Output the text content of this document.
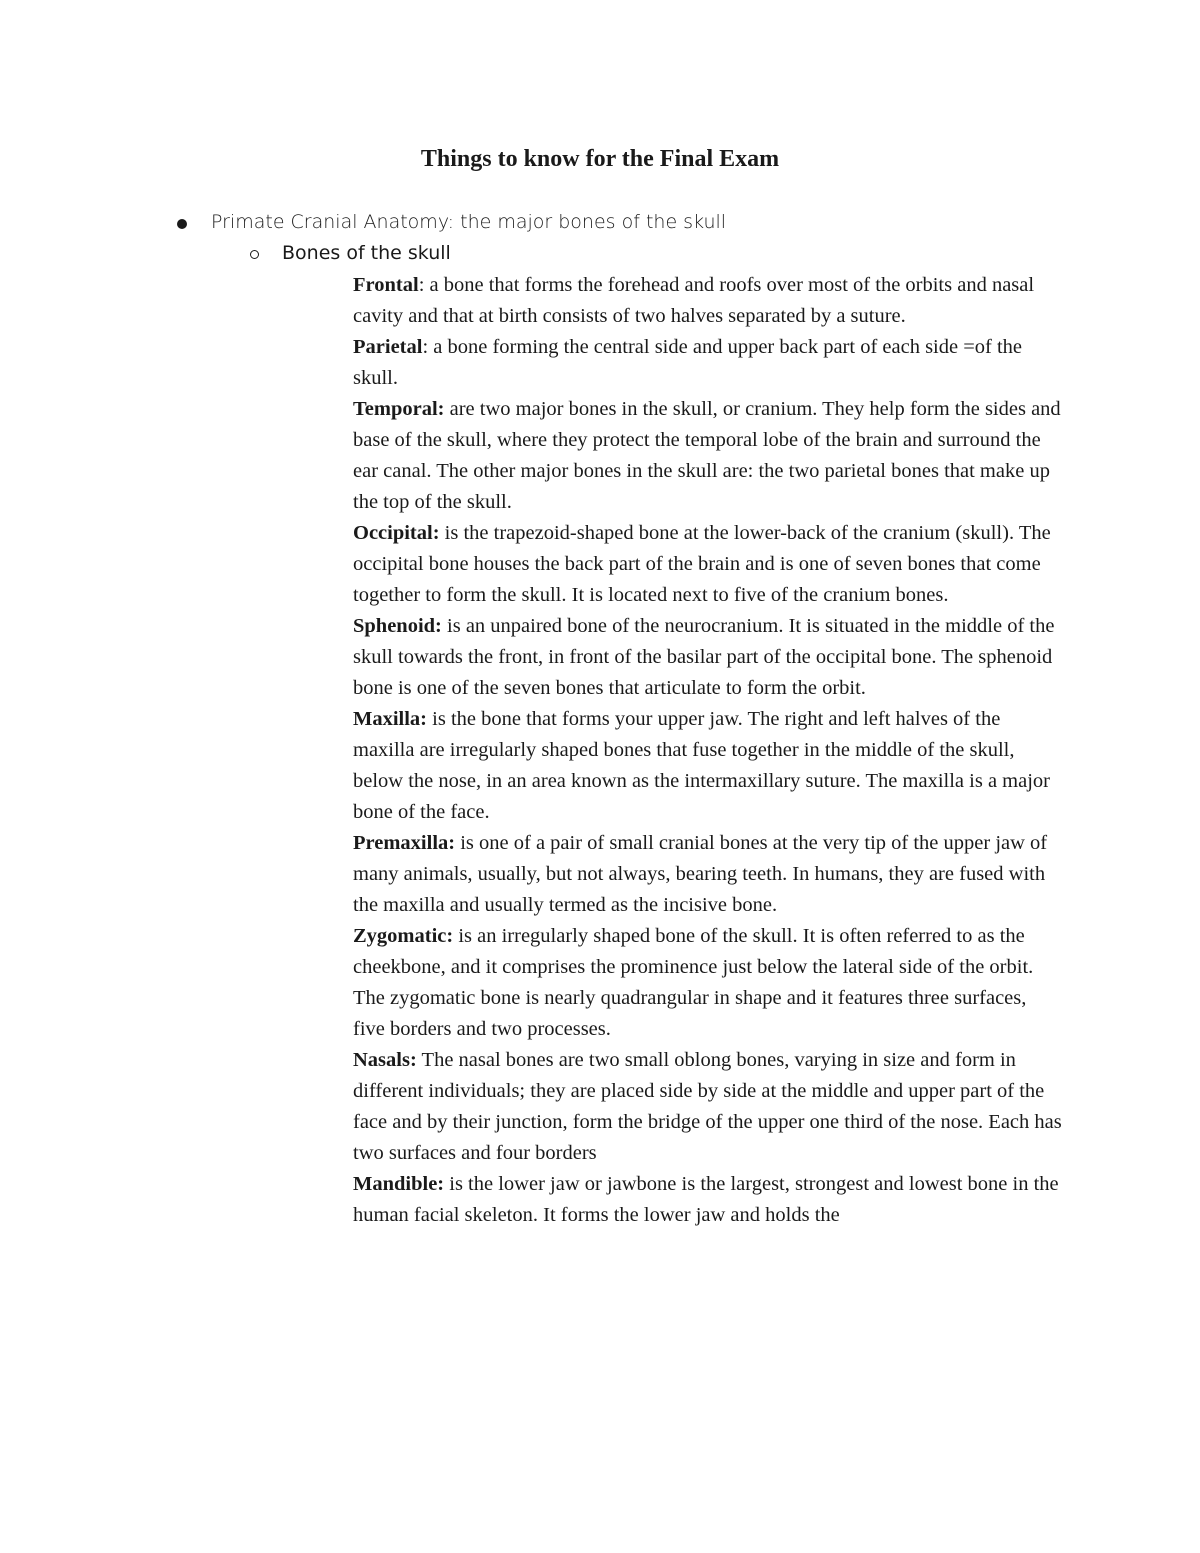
Things to know for the Final Exam

Primate Cranial Anatomy: the major bones of the skull

Bones of the skull

Frontal: a bone that forms the forehead and roofs over most of the orbits and nasal cavity and that at birth consists of two halves separated by a suture.

Parietal: a bone forming the central side and upper back part of each side =of the skull.

Temporal: are two major bones in the skull, or cranium. They help form the sides and base of the skull, where they protect the temporal lobe of the brain and surround the ear canal. The other major bones in the skull are: the two parietal bones that make up the top of the skull.

Occipital: is the trapezoid-shaped bone at the lower-back of the cranium (skull). The occipital bone houses the back part of the brain and is one of seven bones that come together to form the skull. It is located next to five of the cranium bones.

Sphenoid: is an unpaired bone of the neurocranium. It is situated in the middle of the skull towards the front, in front of the basilar part of the occipital bone. The sphenoid bone is one of the seven bones that articulate to form the orbit.

Maxilla: is the bone that forms your upper jaw. The right and left halves of the maxilla are irregularly shaped bones that fuse together in the middle of the skull, below the nose, in an area known as the intermaxillary suture. The maxilla is a major bone of the face.

Premaxilla: is one of a pair of small cranial bones at the very tip of the upper jaw of many animals, usually, but not always, bearing teeth. In humans, they are fused with the maxilla and usually termed as the incisive bone.

Zygomatic: is an irregularly shaped bone of the skull. It is often referred to as the cheekbone, and it comprises the prominence just below the lateral side of the orbit. The zygomatic bone is nearly quadrangular in shape and it features three surfaces, five borders and two processes.

Nasals: The nasal bones are two small oblong bones, varying in size and form in different individuals; they are placed side by side at the middle and upper part of the face and by their junction, form the bridge of the upper one third of the nose. Each has two surfaces and four borders

Mandible: is the lower jaw or jawbone is the largest, strongest and lowest bone in the human facial skeleton. It forms the lower jaw and holds the
